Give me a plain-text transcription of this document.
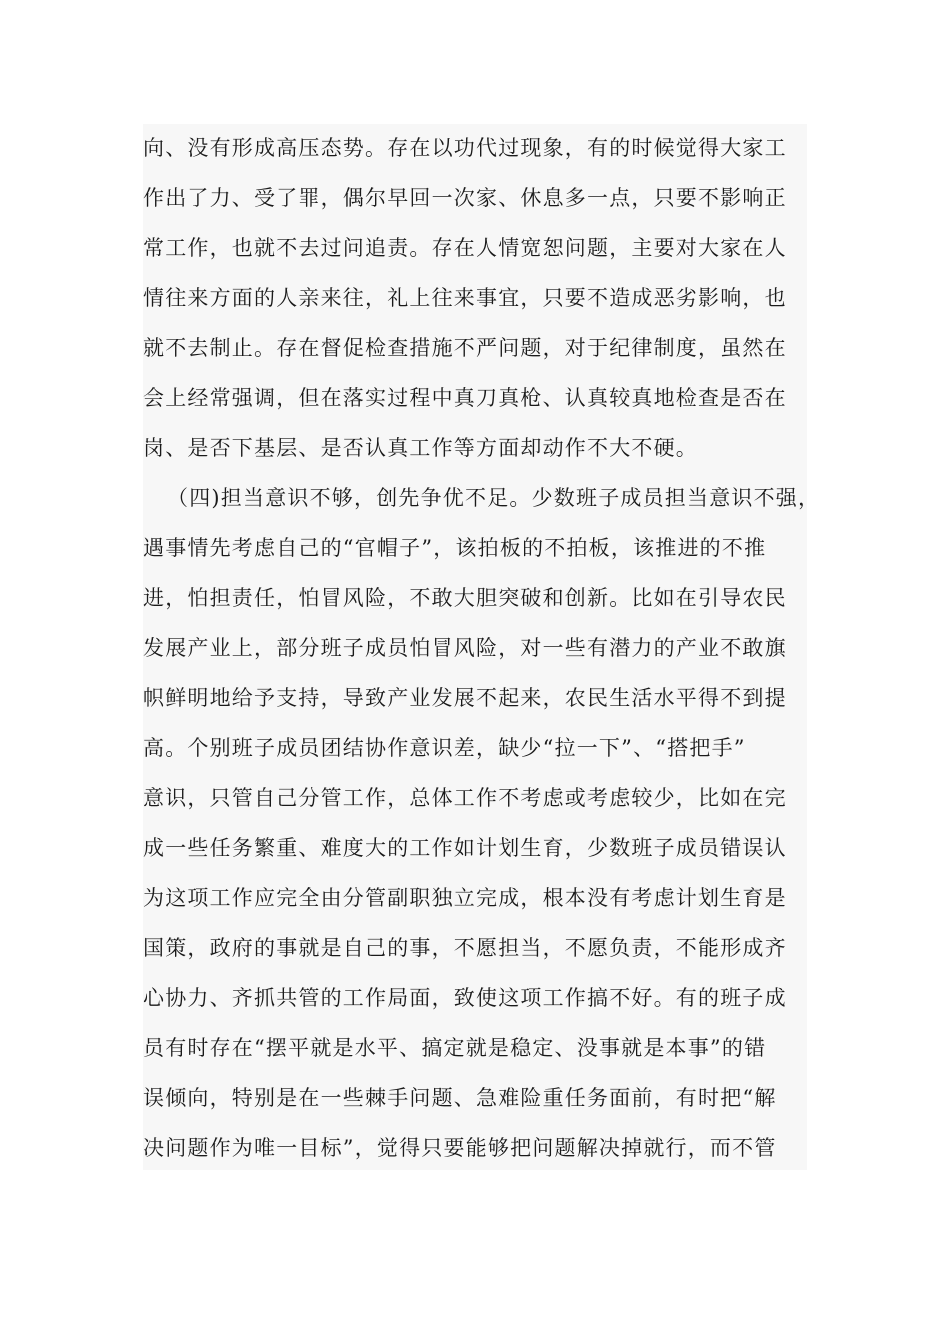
向、没有形成高压态势。存在以功代过现象，有的时候觉得大家工
作出了力、受了罪，偶尔早回一次家、休息多一点，只要不影响正
常工作，也就不去过问追责。存在人情宽恕问题，主要对大家在人
情往来方面的人亲来往，礼上往来事宜，只要不造成恶劣影响，也
就不去制止。存在督促检查措施不严问题，对于纪律制度，虽然在
会上经常强调，但在落实过程中真刀真枪、认真较真地检查是否在
岗、是否下基层、是否认真工作等方面却动作不大不硬。
（四)担当意识不够，创先争优不足。少数班子成员担当意识不强，
遇事情先考虑自己的“官帽子”，该拍板的不拍板，该推进的不推
进，怕担责任，怕冒风险，不敢大胆突破和创新。比如在引导农民
发展产业上，部分班子成员怕冒风险，对一些有潜力的产业不敢旗
帜鲜明地给予支持，导致产业发展不起来，农民生活水平得不到提
高。个别班子成员团结协作意识差，缺少“拉一下”、“搭把手”
意识，只管自己分管工作，总体工作不考虑或考虑较少，比如在完
成一些任务繁重、难度大的工作如计划生育，少数班子成员错误认
为这项工作应完全由分管副职独立完成，根本没有考虑计划生育是
国策，政府的事就是自己的事，不愿担当，不愿负责，不能形成齐
心协力、齐抓共管的工作局面，致使这项工作搞不好。有的班子成
员有时存在“摆平就是水平、搞定就是稳定、没事就是本事”的错
误倾向，特别是在一些棘手问题、急难险重任务面前，有时把“解
决问题作为唯一目标”，觉得只要能够把问题解决掉就行，而不管
